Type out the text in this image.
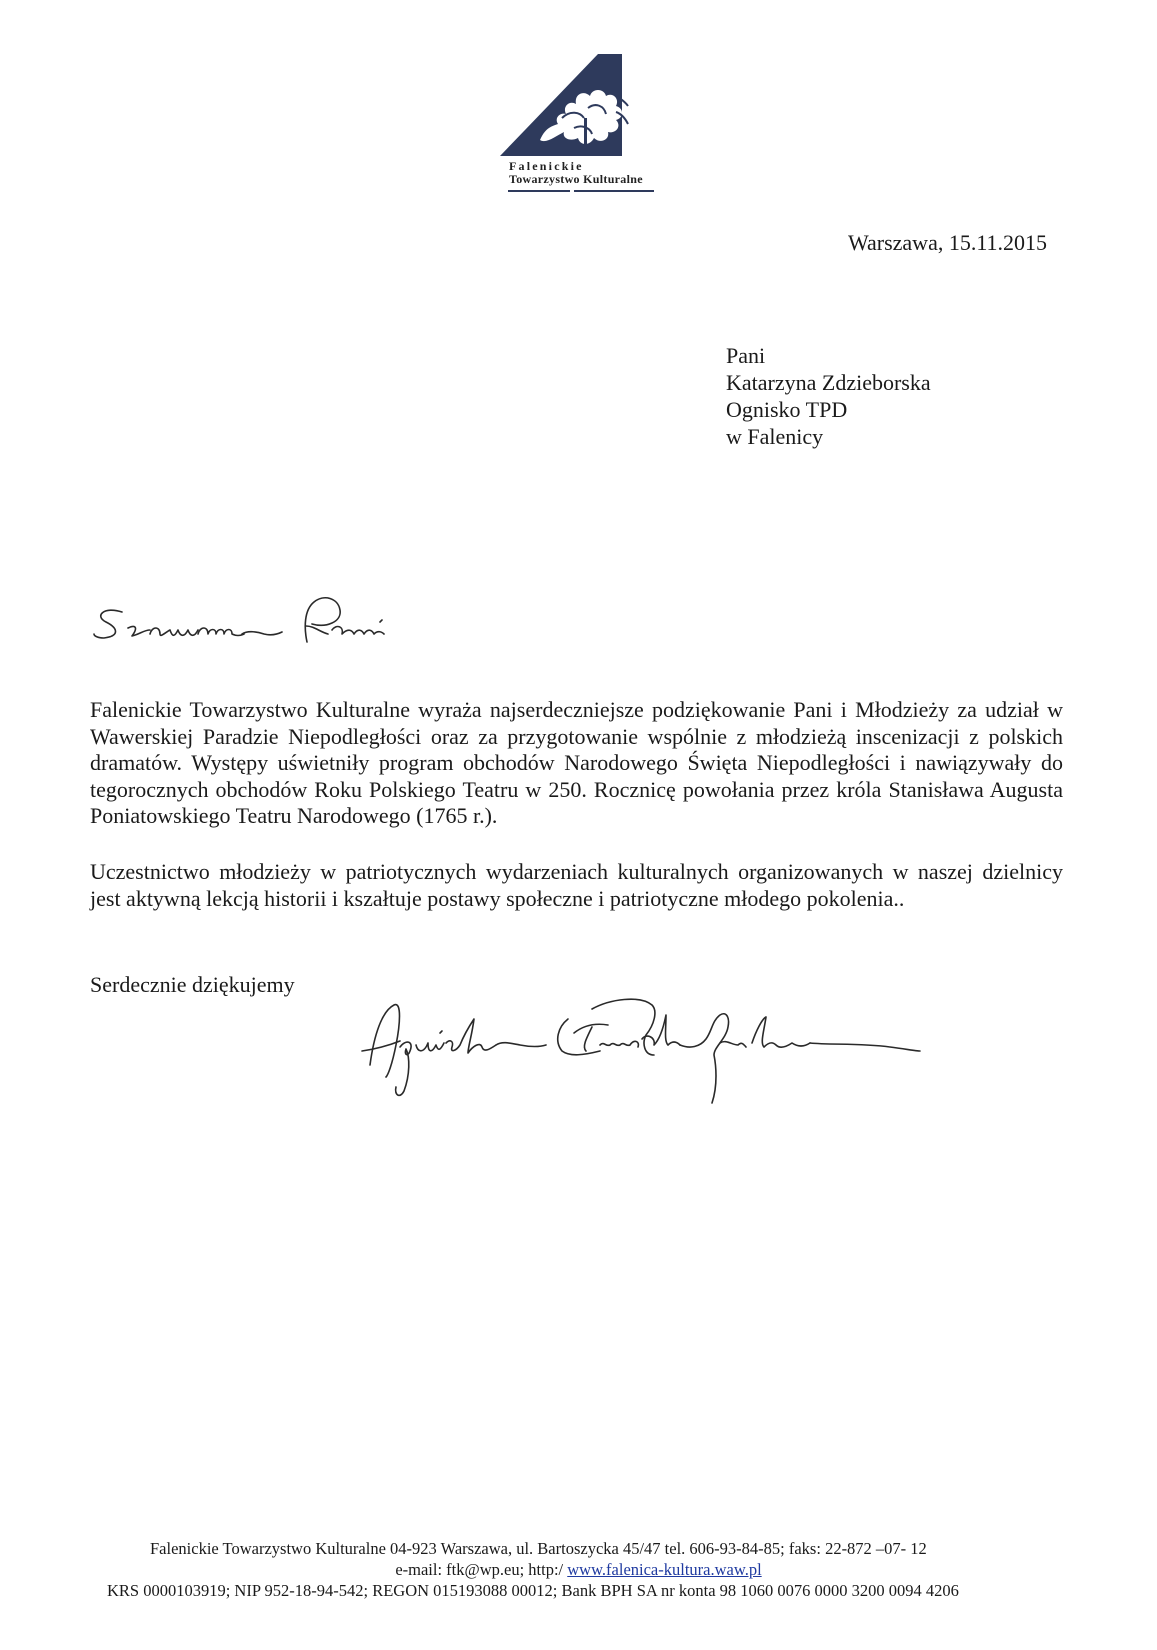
Falenickie
Towarzystwo Kulturalne
Warszawa, 15.11.2015
Pani
Katarzyna Zdzieborska
Ognisko TPD
w Falenicy
Falenickie Towarzystwo Kulturalne wyraża najserdeczniejsze podziękowanie Pani i Młodzieży za udział w Wawerskiej Paradzie Niepodległości oraz za przygotowanie wspólnie z młodzieżą inscenizacji z polskich dramatów. Występy uświetniły program obchodów Narodowego Święta Niepodległości i nawiązywały do tegorocznych obchodów Roku Polskiego Teatru w 250. Rocznicę powołania przez króla Stanisława Augusta Poniatowskiego Teatru Narodowego (1765 r.).
Uczestnictwo młodzieży w patriotycznych wydarzeniach kulturalnych organizowanych w naszej dzielnicy jest aktywną lekcją historii i kszałtuje postawy społeczne i patriotyczne młodego pokolenia..
Serdecznie dziękujemy
Falenickie Towarzystwo Kulturalne 04-923 Warszawa, ul. Bartoszycka 45/47 tel. 606-93-84-85; faks: 22-872 –07- 12
e-mail: ftk@wp.eu; http:/ www.falenica-kultura.waw.pl
KRS 0000103919; NIP 952-18-94-542; REGON 015193088 00012; Bank BPH SA nr konta 98 1060 0076 0000 3200 0094 4206
